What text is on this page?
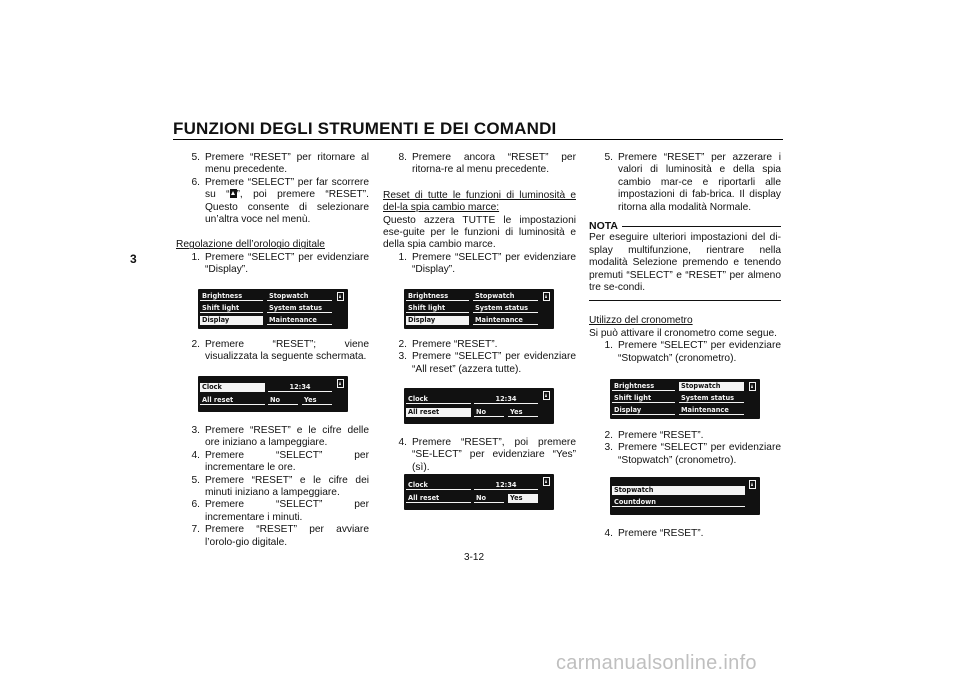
FUNZIONI DEGLI STRUMENTI E DEI COMANDI
3
5. Premere “RESET” per ritornare al menu precedente.
6. Premere “SELECT” per far scorrere su “ ”, poi premere “RESET”. Questo consente di selezionare un’altra voce nel menù.

Regolazione dell’orologio digitale

1. Premere “SELECT” per evidenziare “Display”.
Brightness	Stopwatch
Shift light	System status
Display	Maintenance
2. Premere “RESET”; viene visualizzata la seguente schermata.
Clock	12:34
All reset	No	Yes
3. Premere “RESET” e le cifre delle ore iniziano a lampeggiare.
4. Premere “SELECT” per incrementare le ore.
5. Premere “RESET” e le cifre dei minuti iniziano a lampeggiare.
6. Premere “SELECT” per incrementare i minuti.
7. Premere “RESET” per avviare l’orolo-gio digitale.
8. Premere ancora “RESET” per ritorna-re al menu precedente.

Reset di tutte le funzioni di luminosità e del-la spia cambio marce:

Questo azzera TUTTE le impostazioni ese-guite per le funzioni di luminosità e della spia cambio marce.

1. Premere “SELECT” per evidenziare “Display”.
Brightness	Stopwatch
Shift light	System status
Display	Maintenance
2. Premere “RESET”.
3. Premere “SELECT” per evidenziare “All reset” (azzera tutte).
Clock	12:34
All reset	No	Yes
4. Premere “RESET”, poi premere “SE-LECT” per evidenziare “Yes” (sì).
Clock	12:34
All reset	No	Yes
5. Premere “RESET” per azzerare i valori di luminosità e della spia cambio mar-ce e riportarli alle impostazioni di fab-brica. Il display ritorna alla modalità Normale.
NOTA

Per eseguire ulteriori impostazioni del di-splay multifunzione, rientrare nella modalità Selezione premendo e tenendo premuti “SELECT” e “RESET” per almeno tre se-condi.

Utilizzo del cronometro

Si può attivare il cronometro come segue.

1. Premere “SELECT” per evidenziare “Stopwatch” (cronometro).
Brightness	Stopwatch
Shift light	System status
Display	Maintenance
2. Premere “RESET”.
3. Premere “SELECT” per evidenziare “Stopwatch” (cronometro).
Stopwatch
Countdown
4. Premere “RESET”.
3-12
carmanualsonline.info
